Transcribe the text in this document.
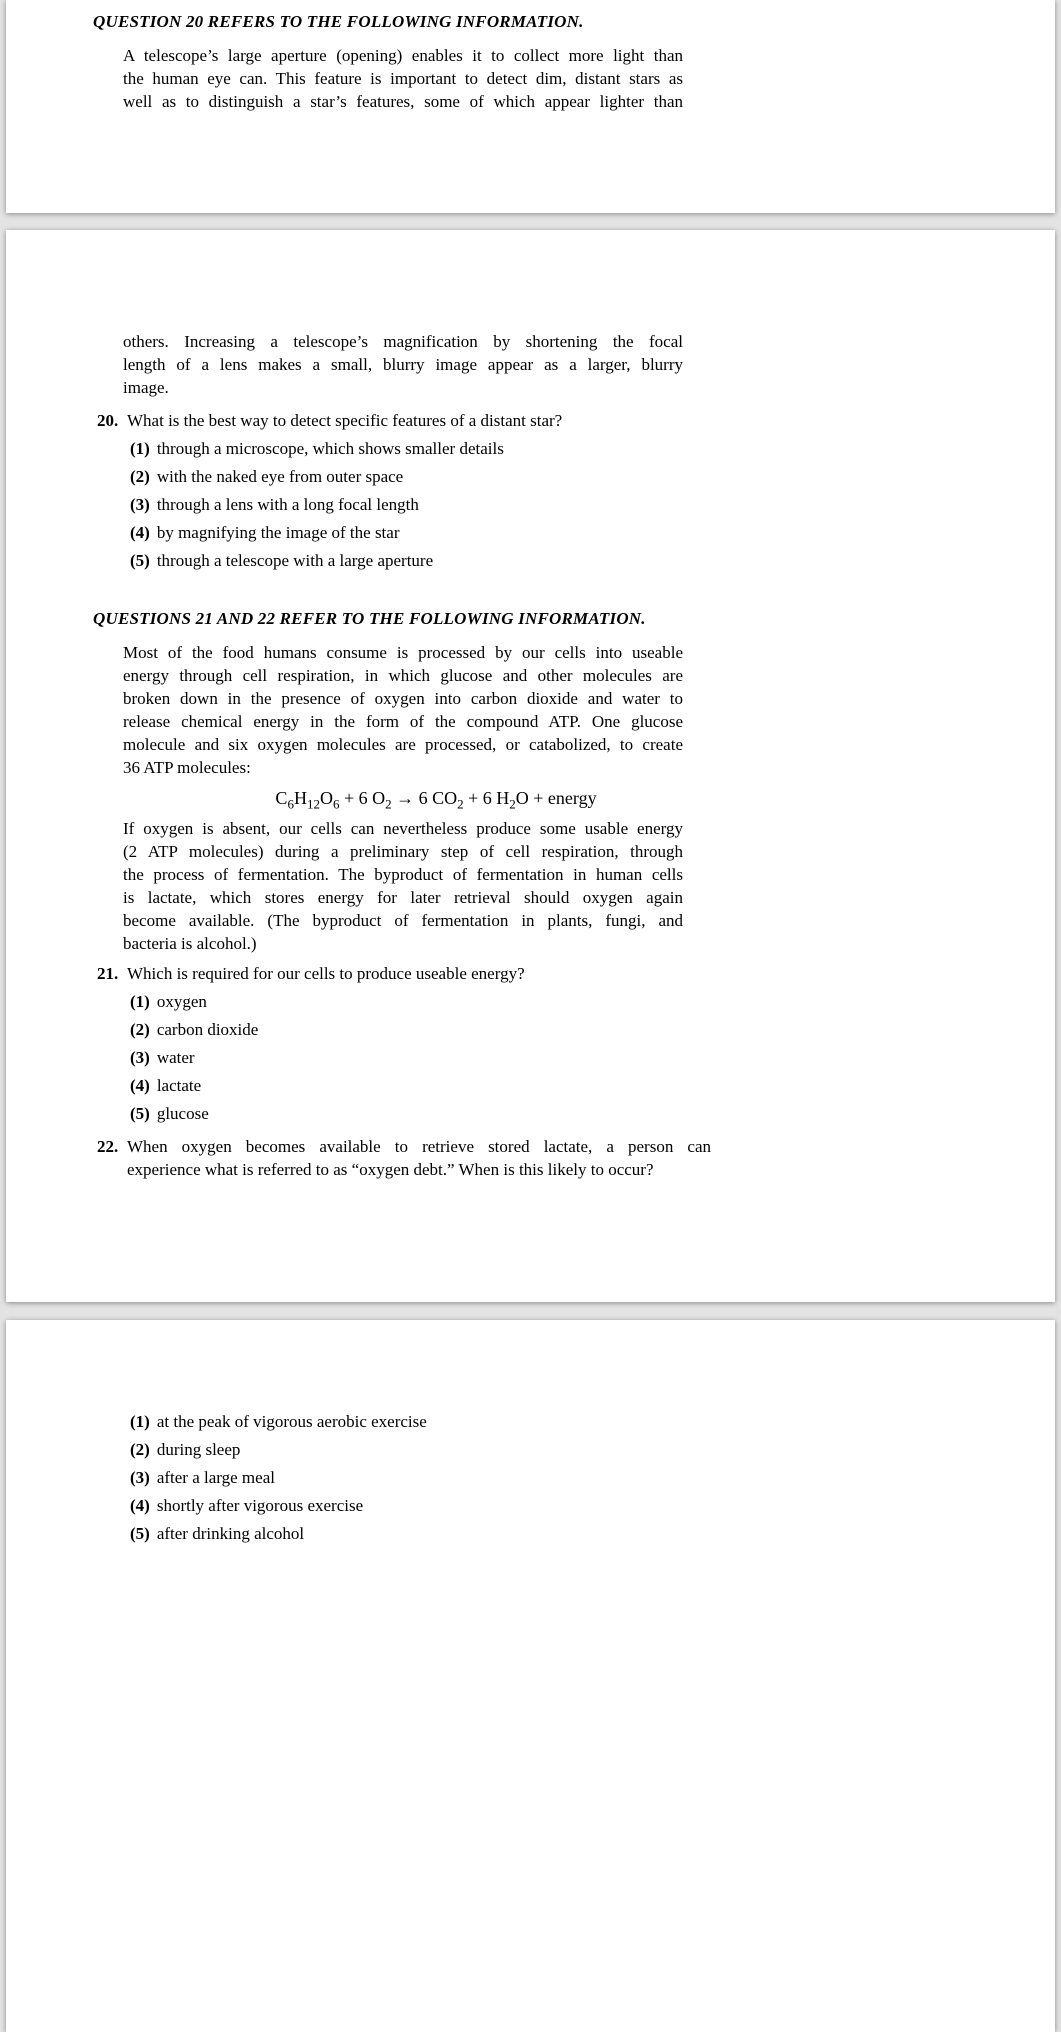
QUESTION 20 REFERS TO THE FOLLOWING INFORMATION.
A telescope’s large aperture (opening) enables it to collect more light than
the human eye can. This feature is important to detect dim, distant stars as
well as to distinguish a star’s features, some of which appear lighter than
others. Increasing a telescope’s magnification by shortening the focal
length of a lens makes a small, blurry image appear as a larger, blurry
image.
20. What is the best way to detect specific features of a distant star?
(1) through a microscope, which shows smaller details
(2) with the naked eye from outer space
(3) through a lens with a long focal length
(4) by magnifying the image of the star
(5) through a telescope with a large aperture
QUESTIONS 21 AND 22 REFER TO THE FOLLOWING INFORMATION.
Most of the food humans consume is processed by our cells into useable
energy through cell respiration, in which glucose and other molecules are
broken down in the presence of oxygen into carbon dioxide and water to
release chemical energy in the form of the compound ATP. One glucose
molecule and six oxygen molecules are processed, or catabolized, to create
36 ATP molecules:
$C_6H_{12}O_6 + 6$ $O_2 \to 6$ $CO_2 + 6$ $H_2O$ + energy
If oxygen is absent, our cells can nevertheless produce some usable energy
(2 ATP molecules) during a preliminary step of cell respiration, through
the process of fermentation. The byproduct of fermentation in human cells
is lactate, which stores energy for later retrieval should oxygen again
become available. (The byproduct of fermentation in plants, fungi, and
bacteria is alcohol.)
21. Which is required for our cells to produce useable energy?
(1) oxygen
(2) carbon dioxide
(3) water
(4) lactate
(5) glucose
22. When oxygen becomes available to retrieve stored lactate, a person can
experience what is referred to as “oxygen debt.” When is this likely to occur?
(1) at the peak of vigorous aerobic exercise
(2) during sleep
(3) after a large meal
(4) shortly after vigorous exercise
(5) after drinking alcohol
